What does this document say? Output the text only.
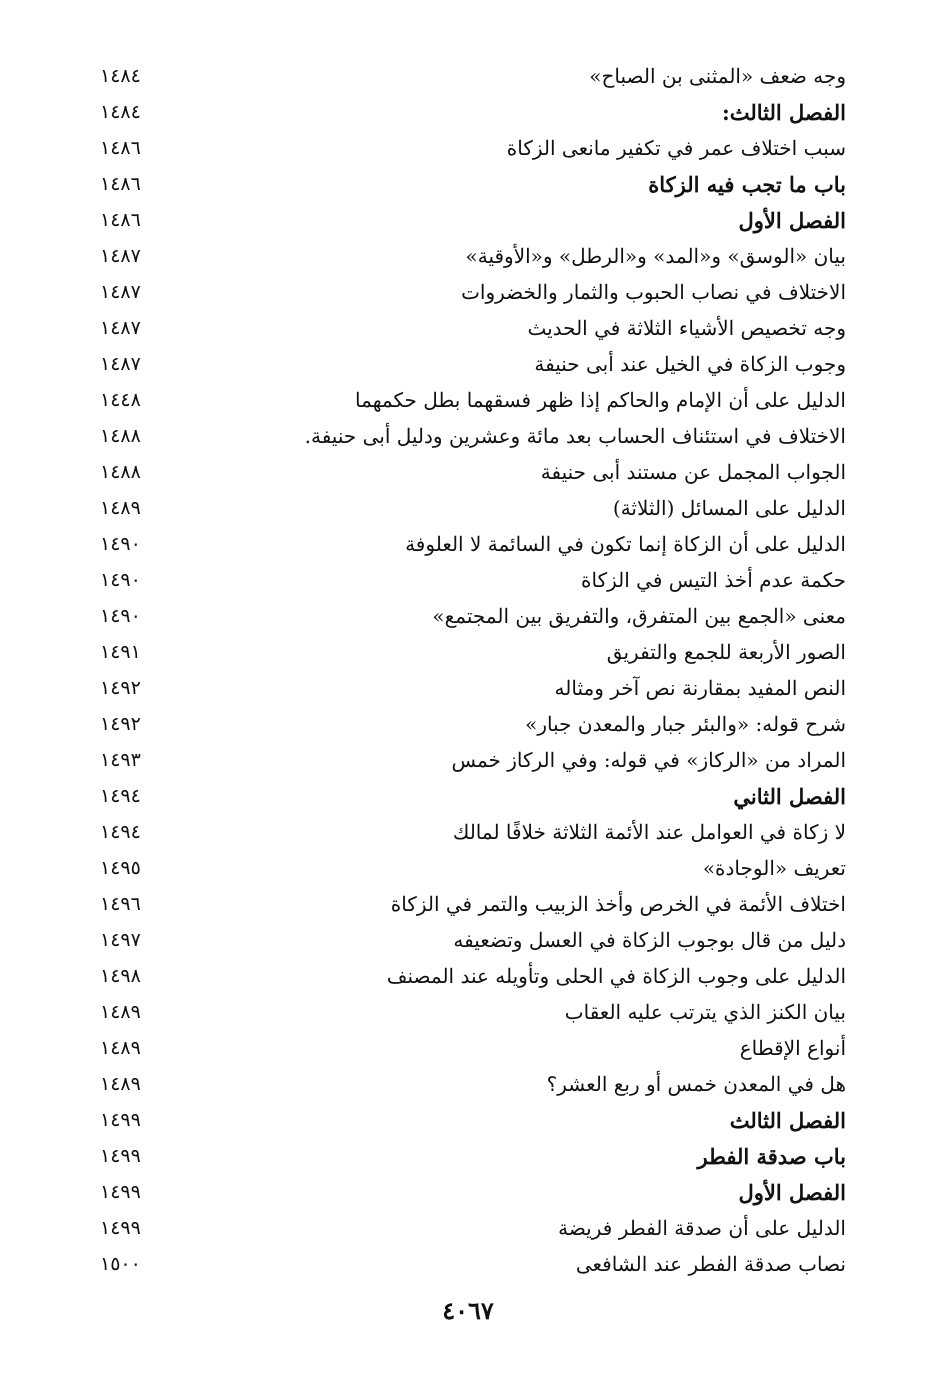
وجه ضعف «المثنى بن الصباح»
١٤٨٤
الفصل الثالث:
١٤٨٤
سبب اختلاف عمر في تكفير مانعى الزكاة
١٤٨٦
باب ما تجب فيه الزكاة
١٤٨٦
الفصل الأول
١٤٨٦
بيان «الوسق» و«المد» و«الرطل» و«الأوقية»
١٤٨٧
الاختلاف في نصاب الحبوب والثمار والخضروات
١٤٨٧
وجه تخصيص الأشياء الثلاثة في الحديث
١٤٨٧
وجوب الزكاة في الخيل عند أبى حنيفة
١٤٨٧
الدليل على أن الإمام والحاكم إذا ظهر فسقهما بطل حكمهما
١٤٤٨
الاختلاف في استئناف الحساب بعد مائة وعشرين ودليل أبى حنيفة.
١٤٨٨
الجواب المجمل عن مستند أبى حنيفة
١٤٨٨
الدليل على المسائل (الثلاثة)
١٤٨٩
الدليل على أن الزكاة إنما تكون في السائمة لا العلوفة
١٤٩٠
حكمة عدم أخذ التيس في الزكاة
١٤٩٠
معنى «الجمع بين المتفرق، والتفريق بين المجتمع»
١٤٩٠
الصور الأربعة للجمع والتفريق
١٤٩١
النص المفيد بمقارنة نص آخر ومثاله
١٤٩٢
شرح قوله: «والبئر جبار والمعدن جبار»
١٤٩٢
المراد من «الركاز» في قوله: وفي الركاز خمس
١٤٩٣
الفصل الثاني
١٤٩٤
لا زكاة في العوامل عند الأئمة الثلاثة خلافًا لمالك
١٤٩٤
تعريف «الوجادة»
١٤٩٥
اختلاف الأئمة في الخرص وأخذ الزبيب والتمر في الزكاة
١٤٩٦
دليل من قال بوجوب الزكاة في العسل وتضعيفه
١٤٩٧
الدليل على وجوب الزكاة في الحلى وتأويله عند المصنف
١٤٩٨
بيان الكنز الذي يترتب عليه العقاب
١٤٨٩
أنواع الإقطاع
١٤٨٩
هل في المعدن خمس أو ربع العشر؟
١٤٨٩
الفصل الثالث
١٤٩٩
باب صدقة الفطر
١٤٩٩
الفصل الأول
١٤٩٩
الدليل على أن صدقة الفطر فريضة
١٤٩٩
نصاب صدقة الفطر عند الشافعى
١٥٠٠
٤٠٦٧
